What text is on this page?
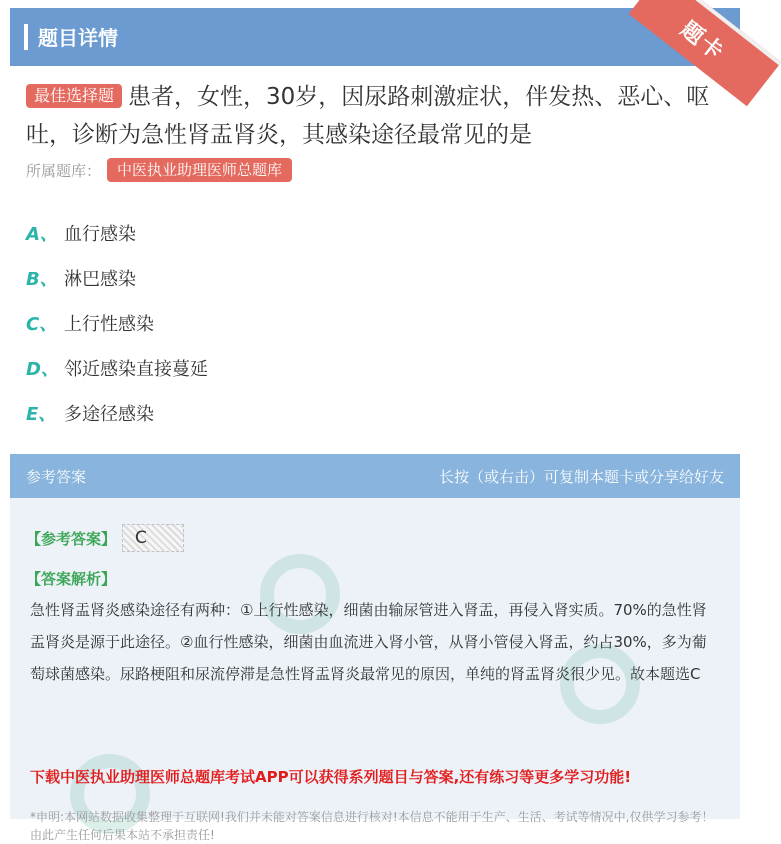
题目详情	题卡
最佳选择题 患者，女性，30岁，因尿路刺激症状，伴发热、恶心、呕吐，诊断为急性肾盂肾炎，其感染途径最常见的是
所属题库：	中医执业助理医师总题库
A、 血行感染
B、 淋巴感染
C、 上行性感染
D、 邻近感染直接蔓延
E、 多途径感染
参考答案	长按（或右击）可复制本题卡或分享给好友
【参考答案】	C
【答案解析】
急性肾盂肾炎感染途径有两种：①上行性感染，细菌由输尿管进入肾盂，再侵入肾实质。70%的急性肾盂肾炎是源于此途径。②血行性感染，细菌由血流进入肾小管，从肾小管侵入肾盂，约占30%，多为葡萄球菌感染。尿路梗阻和尿流停滞是急性肾盂肾炎最常见的原因，单纯的肾盂肾炎很少见。故本题选C
下载中医执业助理医师总题库考试APP可以获得系列题目与答案,还有练习等更多学习功能!
*申明:本网站数据收集整理于互联网!我们并未能对答案信息进行核对!本信息不能用于生产、生活、考试等情况中,仅供学习参考！由此产生任何后果本站不承担责任!
